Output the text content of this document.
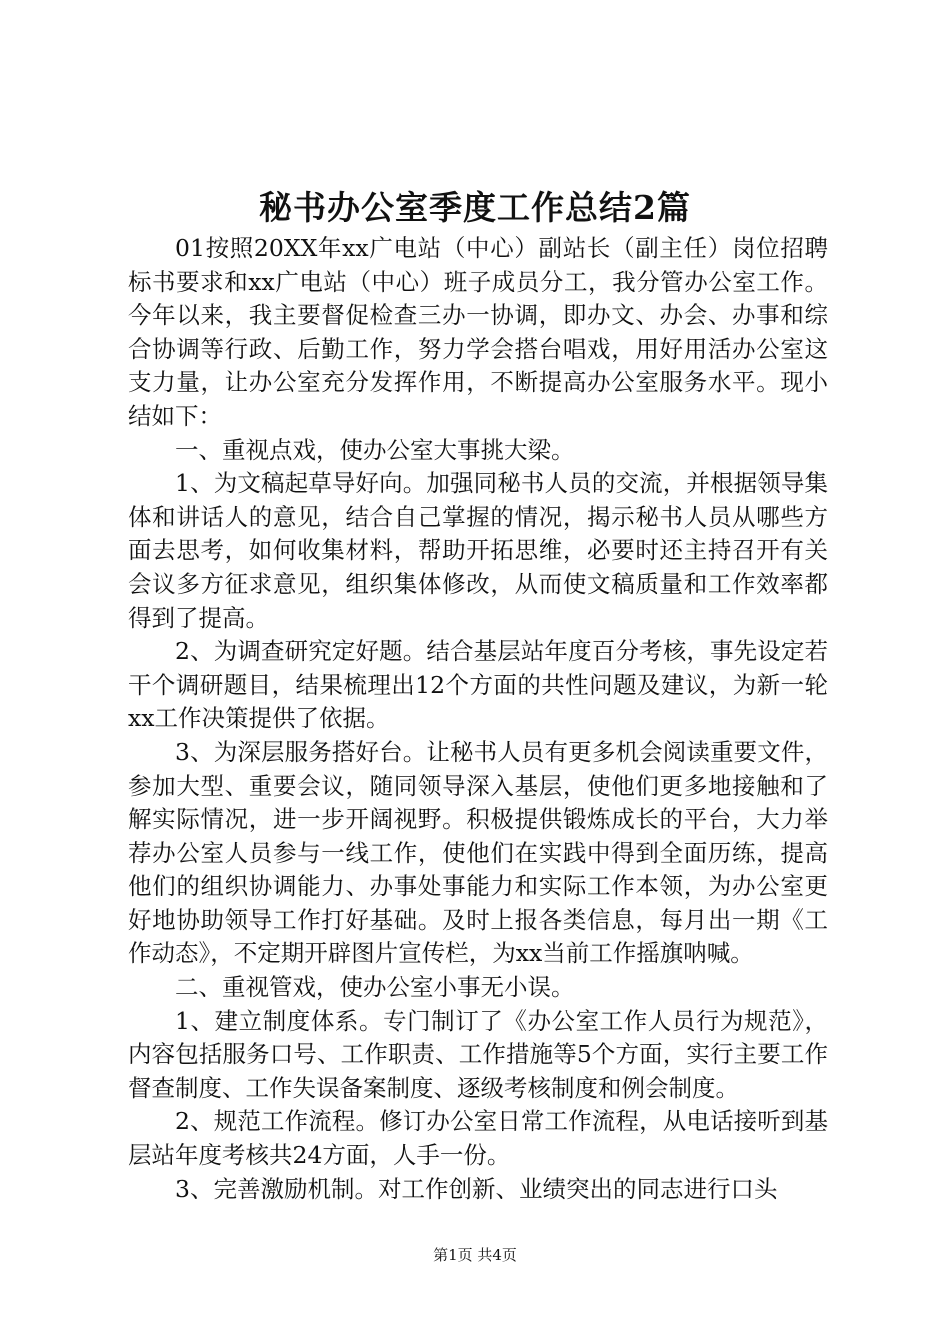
秘书办公室季度工作总结2篇

01按照20XX年xx广电站（中心）副站长（副主任）岗位招聘标书要求和xx广电站（中心）班子成员分工，我分管办公室工作。今年以来，我主要督促检查三办一协调，即办文、办会、办事和综合协调等行政、后勤工作，努力学会搭台唱戏，用好用活办公室这支力量，让办公室充分发挥作用，不断提高办公室服务水平。现小结如下：

一、重视点戏，使办公室大事挑大梁。

1、为文稿起草导好向。加强同秘书人员的交流，并根据领导集体和讲话人的意见，结合自己掌握的情况，揭示秘书人员从哪些方面去思考，如何收集材料，帮助开拓思维，必要时还主持召开有关会议多方征求意见，组织集体修改，从而使文稿质量和工作效率都得到了提高。

2、为调查研究定好题。结合基层站年度百分考核，事先设定若干个调研题目，结果梳理出12个方面的共性问题及建议，为新一轮xx工作决策提供了依据。

3、为深层服务搭好台。让秘书人员有更多机会阅读重要文件，参加大型、重要会议，随同领导深入基层，使他们更多地接触和了解实际情况，进一步开阔视野。积极提供锻炼成长的平台，大力举荐办公室人员参与一线工作，使他们在实践中得到全面历练，提高他们的组织协调能力、办事处事能力和实际工作本领，为办公室更好地协助领导工作打好基础。及时上报各类信息，每月出一期《工作动态》，不定期开辟图片宣传栏，为xx当前工作摇旗呐喊。

二、重视管戏，使办公室小事无小误。

1、建立制度体系。专门制订了《办公室工作人员行为规范》，内容包括服务口号、工作职责、工作措施等5个方面，实行主要工作督查制度、工作失误备案制度、逐级考核制度和例会制度。

2、规范工作流程。修订办公室日常工作流程，从电话接听到基层站年度考核共24方面，人手一份。

3、完善激励机制。对工作创新、业绩突出的同志进行口头

第1页 共4页
